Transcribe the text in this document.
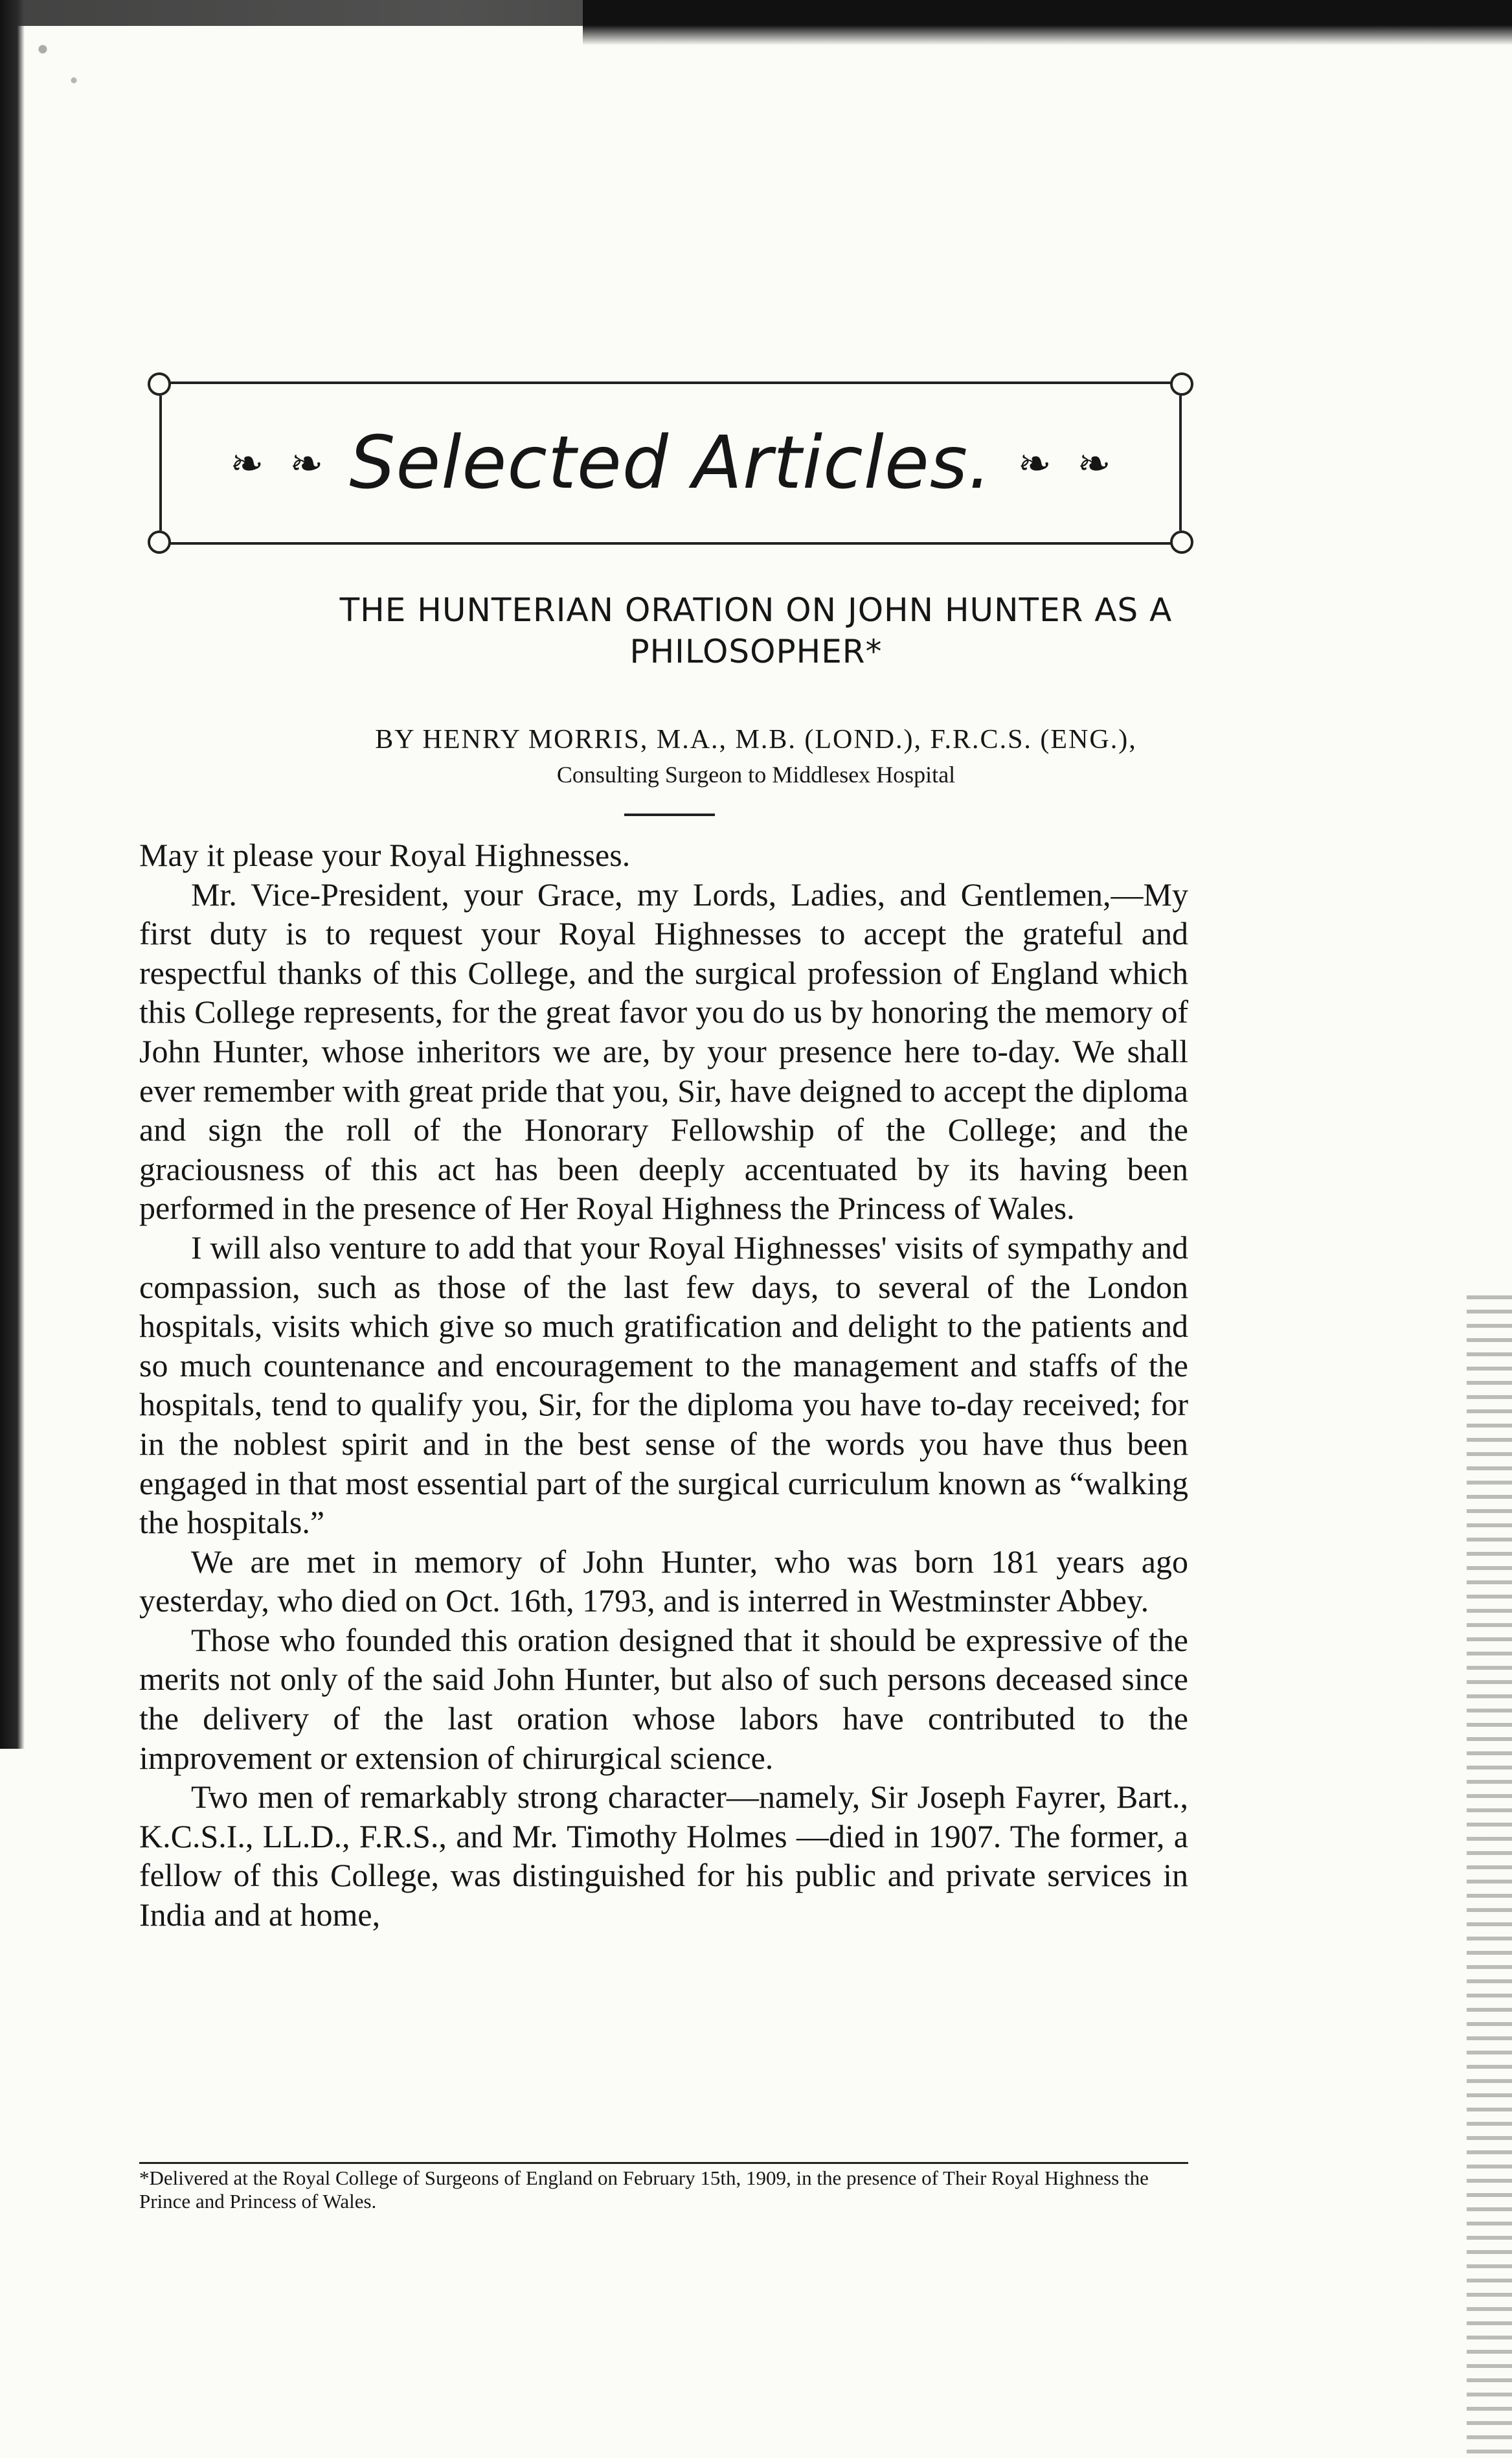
❧ ❧ Selected Articles. ❧ ❧
THE HUNTERIAN ORATION ON JOHN HUNTER AS A
PHILOSOPHER*
BY HENRY MORRIS, M.A., M.B. (LOND.), F.R.C.S. (ENG.),
Consulting Surgeon to Middlesex Hospital

May it please your Royal Highnesses.

Mr. Vice-President, your Grace, my Lords, Ladies, and Gentlemen,—My first duty is to request your Royal Highnesses to accept the grateful and respectful thanks of this College, and the surgical profession of England which this College represents, for the great favor you do us by honoring the memory of John Hunter, whose inheritors we are, by your presence here to-day. We shall ever remember with great pride that you, Sir, have deigned to accept the diploma and sign the roll of the Honorary Fellowship of the College; and the graciousness of this act has been deeply accentuated by its having been performed in the presence of Her Royal Highness the Princess of Wales.

I will also venture to add that your Royal Highnesses' visits of sympathy and compassion, such as those of the last few days, to several of the London hospitals, visits which give so much gratification and delight to the patients and so much countenance and encouragement to the management and staffs of the hospitals, tend to qualify you, Sir, for the diploma you have to-day received; for in the noblest spirit and in the best sense of the words you have thus been engaged in that most essential part of the surgical curriculum known as “walking the hospitals.”

We are met in memory of John Hunter, who was born 181 years ago yesterday, who died on Oct. 16th, 1793, and is interred in Westminster Abbey.

Those who founded this oration designed that it should be expressive of the merits not only of the said John Hunter, but also of such persons deceased since the delivery of the last oration whose labors have contributed to the improvement or extension of chirurgical science.

Two men of remarkably strong character—namely, Sir Joseph Fayrer, Bart., K.C.S.I., LL.D., F.R.S., and Mr. Timothy Holmes —died in 1907. The former, a fellow of this College, was distinguished for his public and private services in India and at home,

*Delivered at the Royal College of Surgeons of England on February 15th, 1909, in the presence of Their Royal Highness the Prince and Princess of Wales.
